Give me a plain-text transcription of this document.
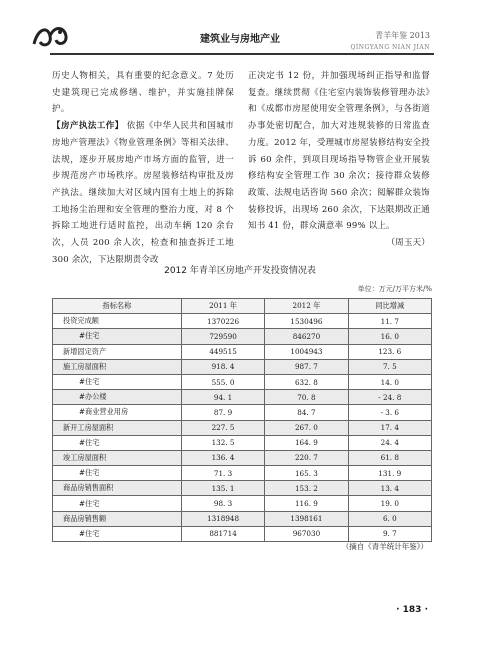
建筑业与房地产业	青羊年鉴 2013
QINGYANG NIAN JIAN

历史人物相关，具有重要的纪念意义。7 处历史建筑现已完成修缮、维护，并实施挂牌保护。

【房产执法工作】 依据《中华人民共和国城市房地产管理法》《物业管理条例》等相关法律、法规，逐步开展房地产市场方面的监管，进一步规范房产市场秩序。房屋装修结构审批及房产执法。继续加大对区域内国有土地上的拆除工地扬尘治理和安全管理的整治力度，对 8 个拆除工地进行适时监控，出动车辆 120 余台次，人员 200 余人次，检查和抽查拆迁工地 300 余次，下达限期责令改

正决定书 12 份，并加强现场纠正指导和监督复查。继续贯彻《住宅室内装饰装修管理办法》和《成都市房屋使用安全管理条例》，与各街道办事处密切配合，加大对违规装修的日常监查力度。2012 年，受理城市房屋装修结构安全投诉 60 余件，到项目现场指导物管企业开展装修结构安全管理工作 30 余次；接待群众装修政策、法规电话咨询 560 余次；阅解群众装饰装修投诉，出现场 260 余次，下达限期改正通知书 41 份，群众满意率 99% 以上。

（周玉天）

2012 年青羊区房地产开发投资情况表
单位：万元/万平方米/%
指标名称	2011 年	2012 年	同比增减
投资完成额	1370226	1530496	11. 7
#住宅	729590	846270	16. 0
新增固定资产	449515	1004943	123. 6
施工房屋面积	918. 4	987. 7	7. 5
#住宅	555. 0	632. 8	14. 0
#办公楼	94. 1	70. 8	- 24. 8
#商业营业用房	87. 9	84. 7	- 3. 6
新开工房屋面积	227. 5	267. 0	17. 4
#住宅	132. 5	164. 9	24. 4
竣工房屋面积	136. 4	220. 7	61. 8
#住宅	71. 3	165. 3	131. 9
商品房销售面积	135. 1	153. 2	13. 4
#住宅	98. 3	116. 9	19. 0
商品房销售额	1318948	1398161	6. 0
#住宅	881714	967030	9. 7
（摘自《青羊统计年鉴》）
· 183 ·
